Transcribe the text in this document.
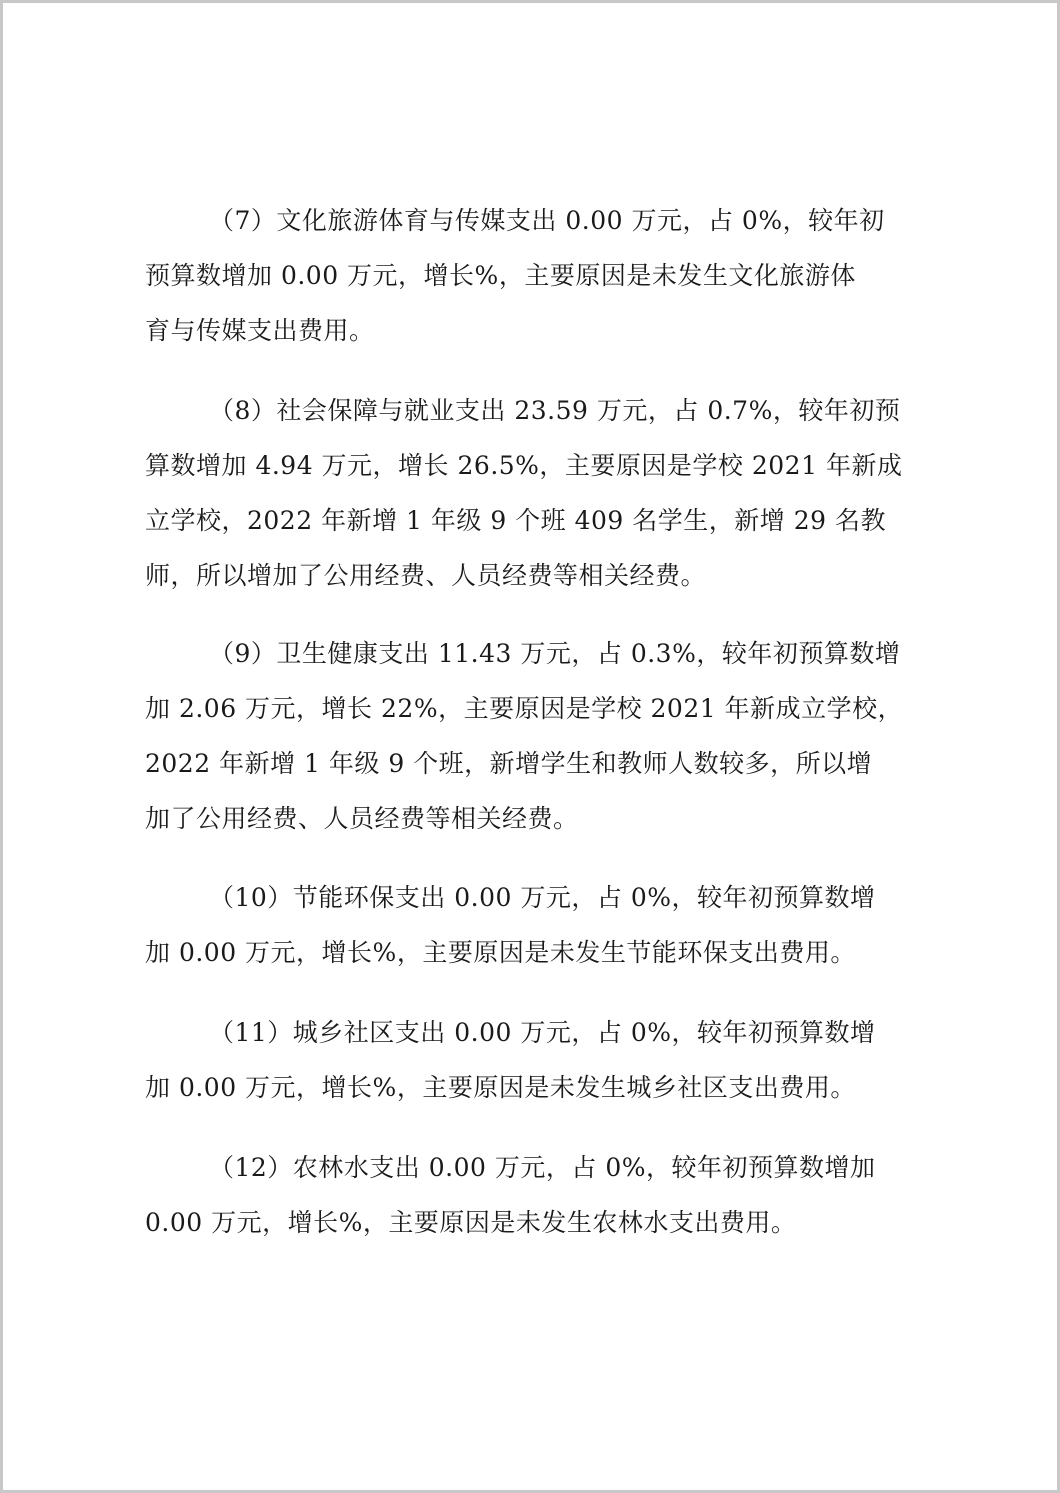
（7）文化旅游体育与传媒支出 0.00 万元，占 0%，较年初
预算数增加 0.00 万元，增长%，主要原因是未发生文化旅游体
育与传媒支出费用。
（8）社会保障与就业支出 23.59 万元，占 0.7%，较年初预
算数增加 4.94 万元，增长 26.5%，主要原因是学校 2021 年新成
立学校，2022 年新增 1 年级 9 个班 409 名学生，新增 29 名教
师，所以增加了公用经费、人员经费等相关经费。
（9）卫生健康支出 11.43 万元，占 0.3%，较年初预算数增
加 2.06 万元，增长 22%，主要原因是学校 2021 年新成立学校，
2022 年新增 1 年级 9 个班，新增学生和教师人数较多，所以增
加了公用经费、人员经费等相关经费。
（10）节能环保支出 0.00 万元，占 0%，较年初预算数增
加 0.00 万元，增长%，主要原因是未发生节能环保支出费用。
（11）城乡社区支出 0.00 万元，占 0%，较年初预算数增
加 0.00 万元，增长%，主要原因是未发生城乡社区支出费用。
（12）农林水支出 0.00 万元，占 0%，较年初预算数增加
0.00 万元，增长%，主要原因是未发生农林水支出费用。
